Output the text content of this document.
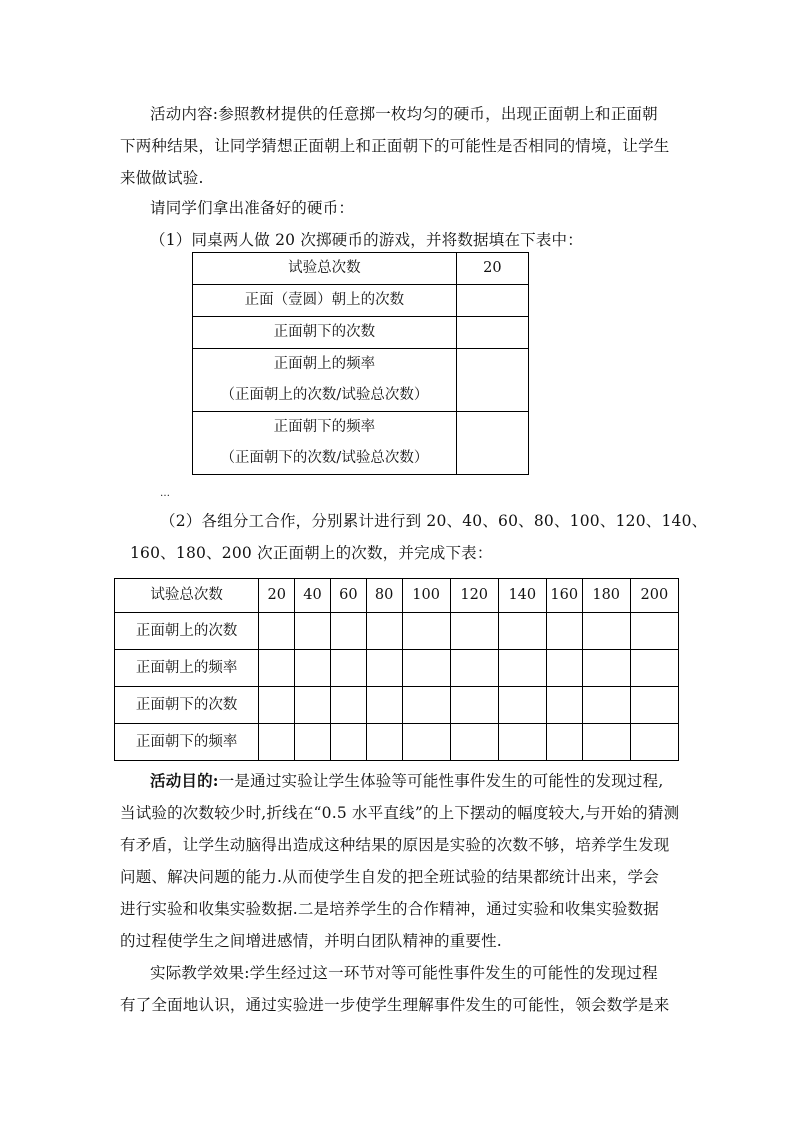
活动内容:参照教材提供的任意掷一枚均匀的硬币，出现正面朝上和正面朝
下两种结果，让同学猜想正面朝上和正面朝下的可能性是否相同的情境，让学生
来做做试验.
请同学们拿出准备好的硬币：
（1）同桌两人做 20 次掷硬币的游戏，并将数据填在下表中：
试验总次数	20
正面（壹圆）朝上的次数	
正面朝下的次数	

正面朝上的频率
（正面朝上的次数/试验总次数）	

正面朝下的频率
（正面朝下的次数/试验总次数）	

…
（2）各组分工合作，分别累计进行到 20、40、60、80、100、120、140、
160、180、200 次正面朝上的次数，并完成下表：
试验总次数	20	40	60	80	100	120	140	160	180	200
正面朝上的次数										
正面朝上的频率										
正面朝下的次数										
正面朝下的频率										
活动目的:一是通过实验让学生体验等可能性事件发生的可能性的发现过程,
当试验的次数较少时,折线在“0.5 水平直线”的上下摆动的幅度较大,与开始的猜测
有矛盾，让学生动脑得出造成这种结果的原因是实验的次数不够，培养学生发现
问题、解决问题的能力.从而使学生自发的把全班试验的结果都统计出来，学会
进行实验和收集实验数据.二是培养学生的合作精神，通过实验和收集实验数据
的过程使学生之间增进感情，并明白团队精神的重要性.
实际教学效果:学生经过这一环节对等可能性事件发生的可能性的发现过程
有了全面地认识，通过实验进一步使学生理解事件发生的可能性，领会数学是来
